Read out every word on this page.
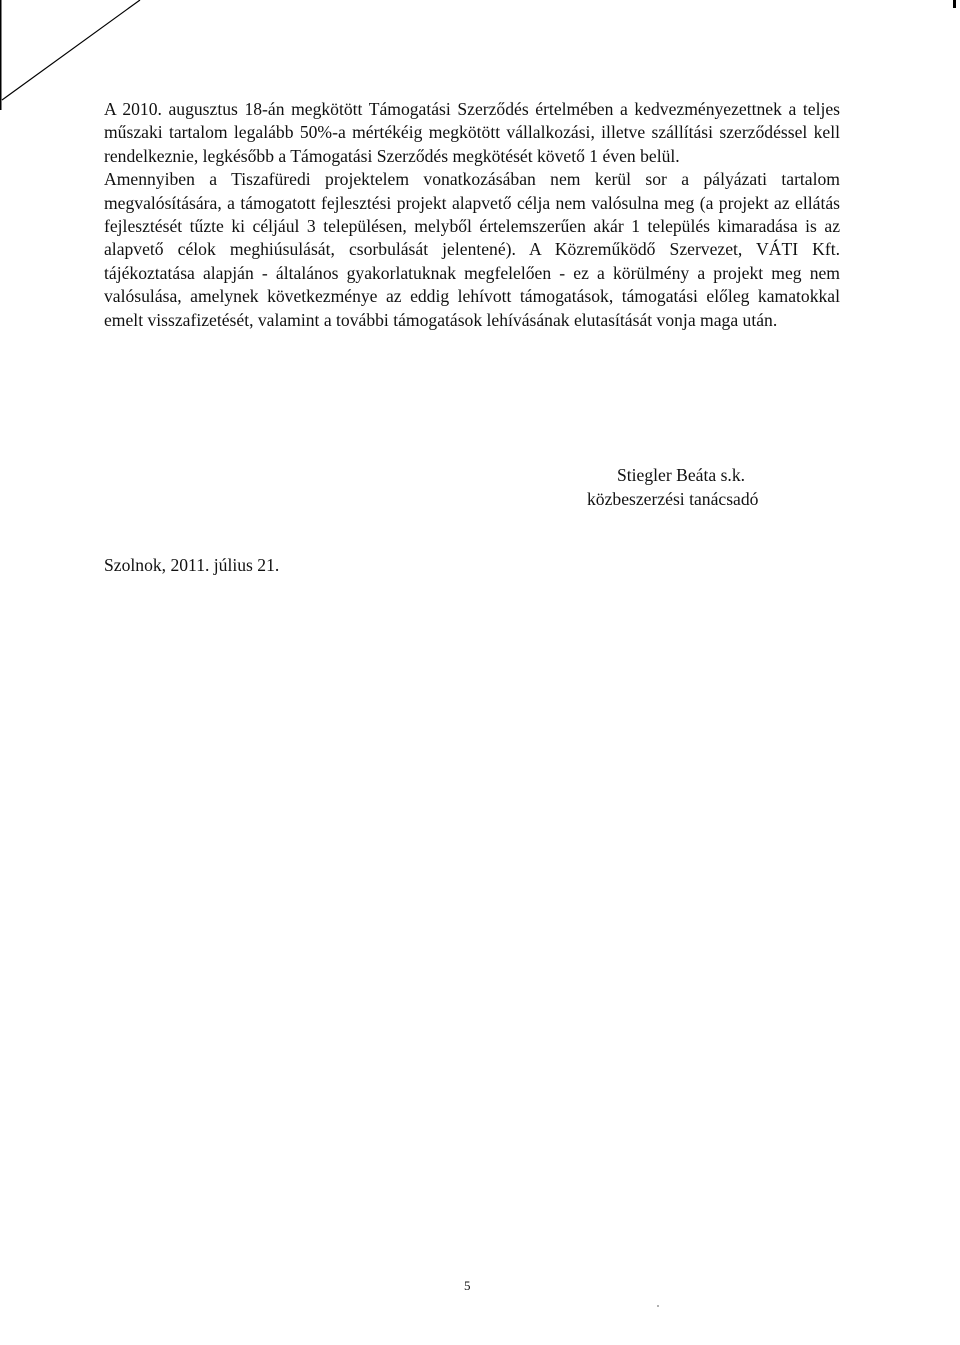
A 2010. augusztus 18-án megkötött Támogatási Szerződés értelmében a kedvezményezettnek a teljes műszaki tartalom legalább 50%-a mértékéig megkötött vállalkozási, illetve szállítási szerződéssel kell rendelkeznie, legkésőbb a Támogatási Szerződés megkötését követő 1 éven belül.

Amennyiben a Tiszafüredi projektelem vonatkozásában nem kerül sor a pályázati tartalom megvalósítására, a támogatott fejlesztési projekt alapvető célja nem valósulna meg (a projekt az ellátás fejlesztését tűzte ki céljául 3 településen, melyből értelemszerűen akár 1 település kimaradása is az alapvető célok meghiúsulását, csorbulását jelentené). A Közreműködő Szervezet, VÁTI Kft. tájékoztatása alapján - általános gyakorlatuknak megfelelően - ez a körülmény a projekt meg nem valósulása, amelynek következménye az eddig lehívott támogatások, támogatási előleg kamatokkal emelt visszafizetését, valamint a további támogatások lehívásának elutasítását vonja maga után.

Stiegler Beáta s.k.
közbeszerzési tanácsadó
Szolnok, 2011. július 21.
5
